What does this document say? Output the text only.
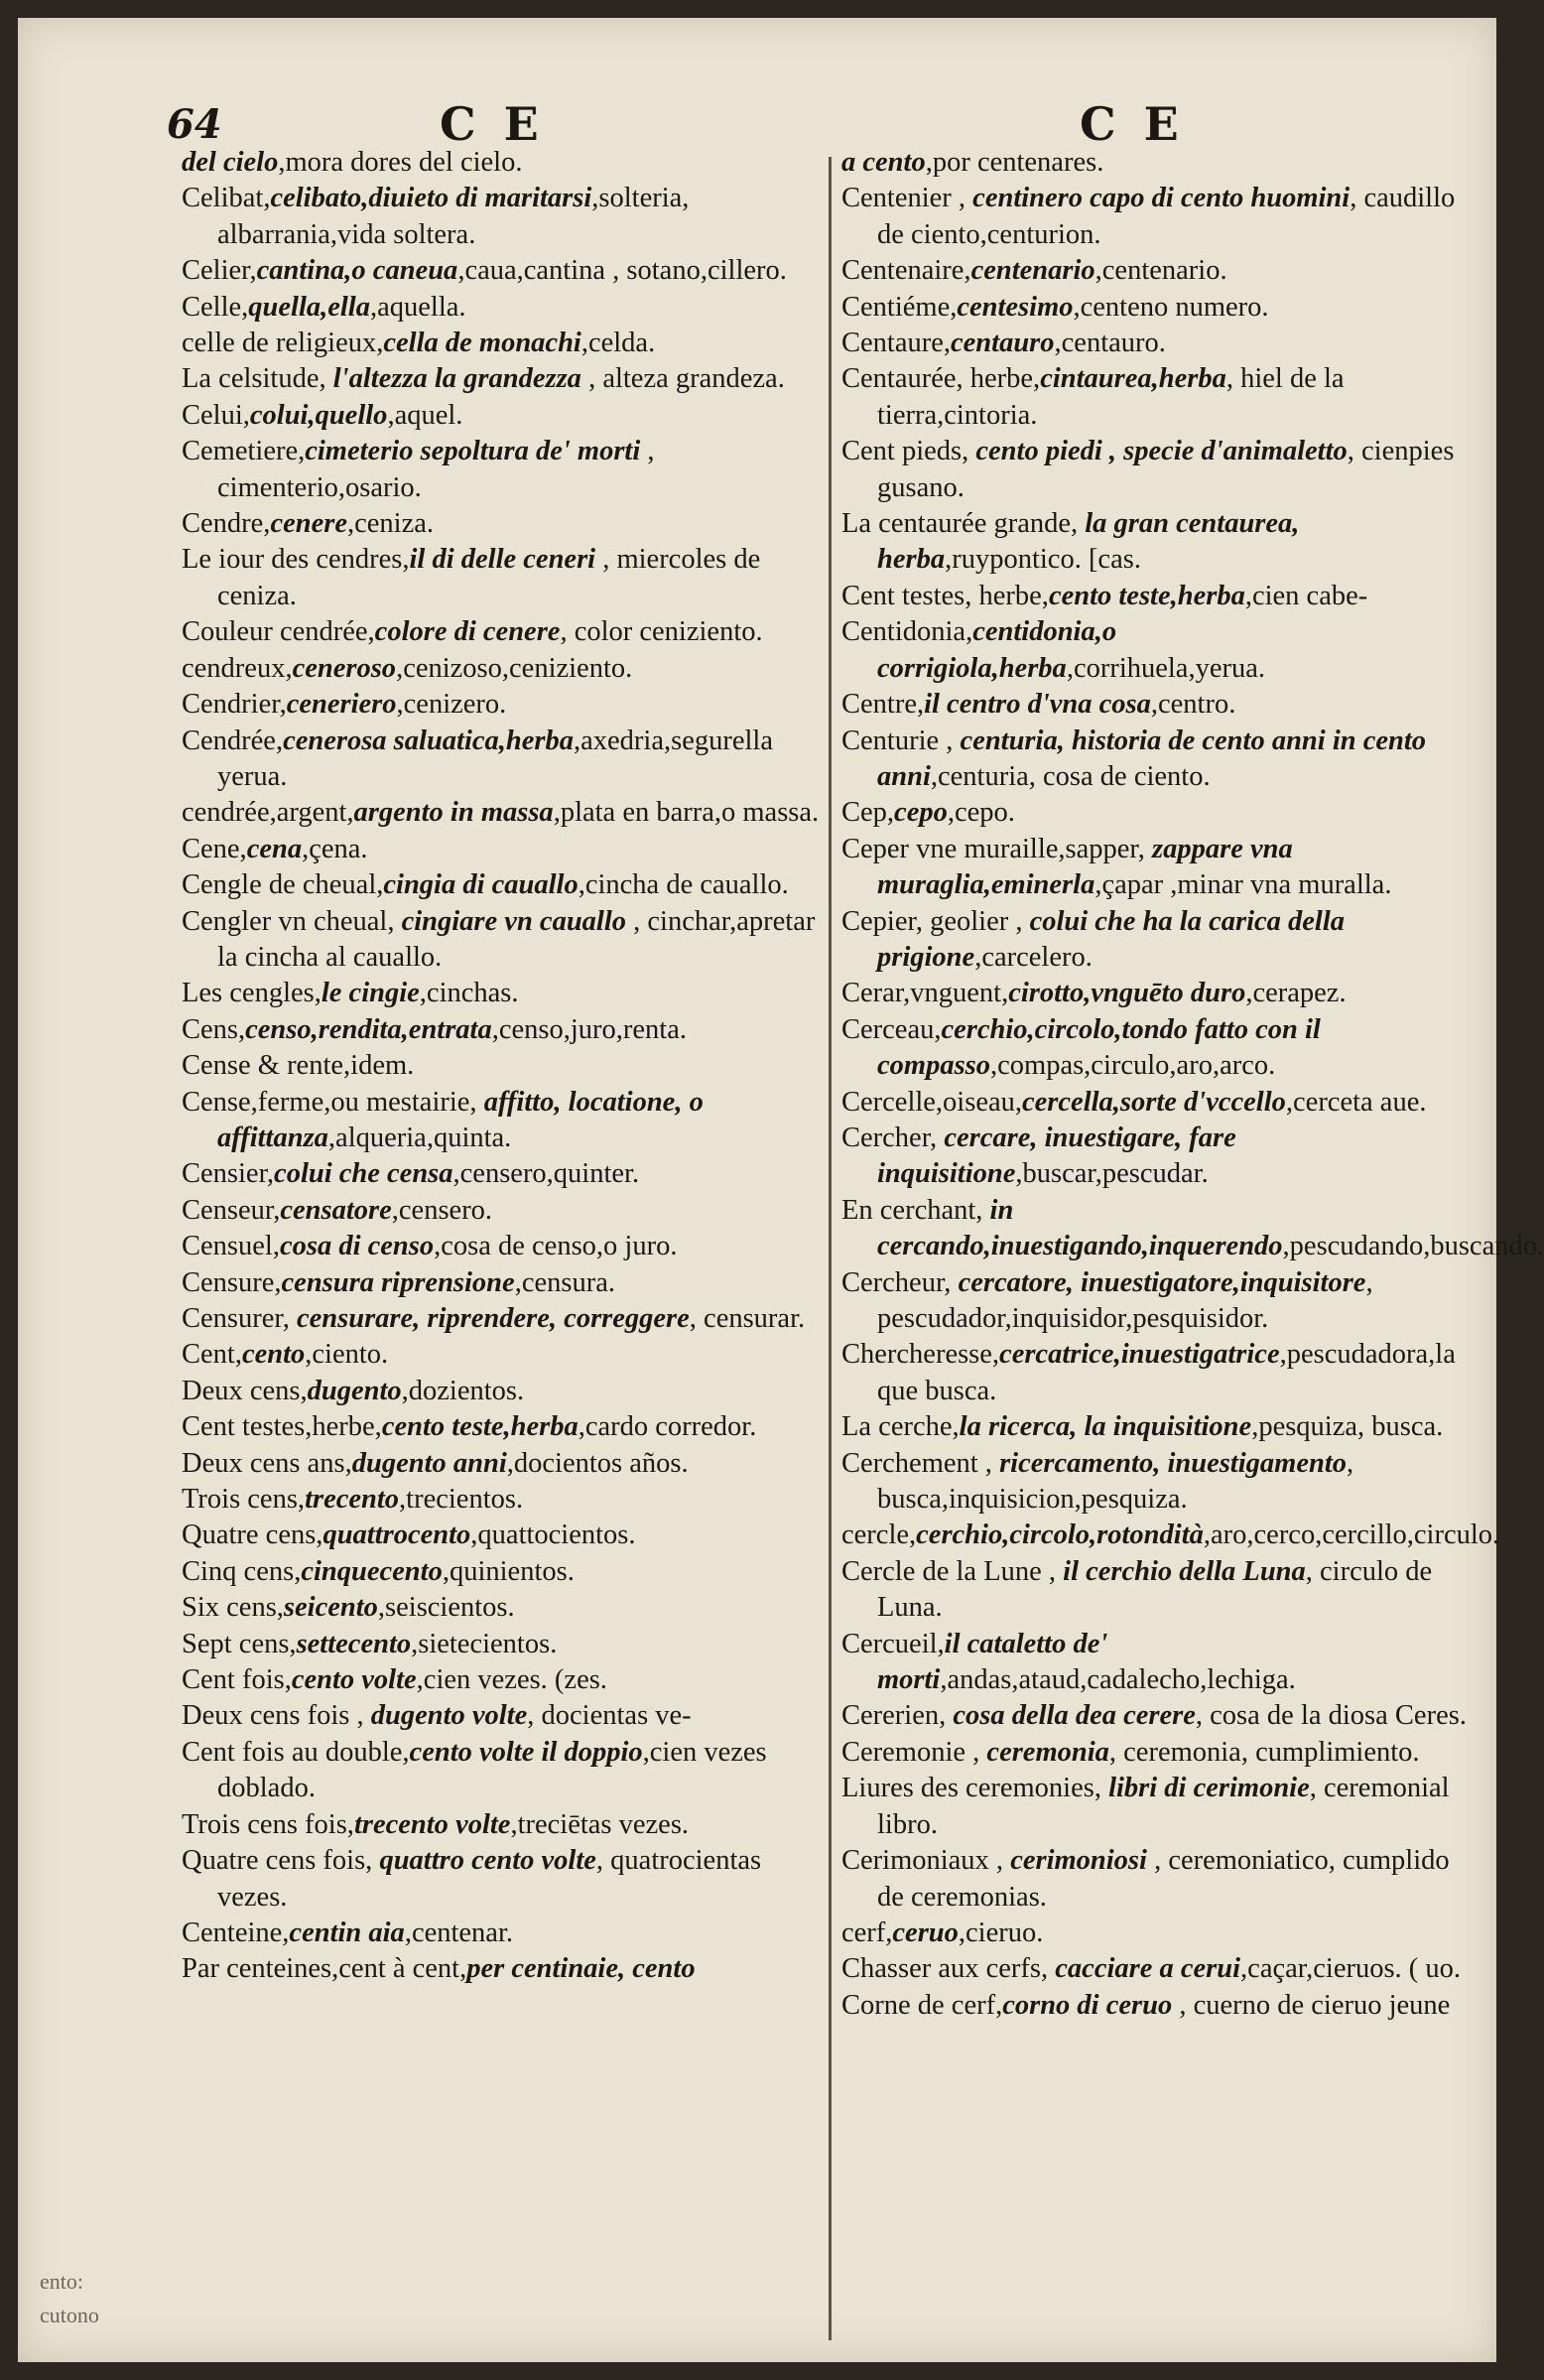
64	CE	CE

del cielo,mora dores del cielo.

Celibat,celibato,diuieto di maritarsi,solteria, albarrania,vida soltera.

Celier,cantina,o caneua,caua,cantina , sotano,cillero.

Celle,quella,ella,aquella.

celle de religieux,cella de monachi,celda.

La celsitude, l'altezza la grandezza , alteza grandeza.

Celui,colui,quello,aquel.

Cemetiere,cimeterio sepoltura de' morti , cimenterio,osario.

Cendre,cenere,ceniza.

Le iour des cendres,il di delle ceneri , miercoles de ceniza.

Couleur cendrée,colore di cenere, color ceniziento.

cendreux,ceneroso,cenizoso,ceniziento.

Cendrier,ceneriero,cenizero.

Cendrée,cenerosa saluatica,herba,axedria,segurella yerua.

cendrée,argent,argento in massa,plata en barra,o massa.

Cene,cena,çena.

Cengle de cheual,cingia di cauallo,cincha de cauallo.

Cengler vn cheual, cingiare vn cauallo , cinchar,apretar la cincha al cauallo.

Les cengles,le cingie,cinchas.

Cens,censo,rendita,entrata,censo,juro,renta.

Cense & rente,idem.

Cense,ferme,ou mestairie, affitto, locatione, o affittanza,alqueria,quinta.

Censier,colui che censa,censero,quinter.

Censeur,censatore,censero.

Censuel,cosa di censo,cosa de censo,o juro.

Censure,censura riprensione,censura.

Censurer, censurare, riprendere, correggere, censurar.

Cent,cento,ciento.

Deux cens,dugento,dozientos.

Cent testes,herbe,cento teste,herba,cardo corredor.

Deux cens ans,dugento anni,docientos años.

Trois cens,trecento,trecientos.

Quatre cens,quattrocento,quattocientos.

Cinq cens,cinquecento,quinientos.

Six cens,seicento,seiscientos.

Sept cens,settecento,sietecientos.

Cent fois,cento volte,cien vezes. (zes.

Deux cens fois , dugento volte, docientas ve-

Cent fois au double,cento volte il doppio,cien vezes doblado.

Trois cens fois,trecento volte,treciētas vezes.

Quatre cens fois, quattro cento volte, quatrocientas vezes.

Centeine,centin aia,centenar.

Par centeines,cent à cent,per centinaie, cento

a cento,por centenares.

Centenier , centinero capo di cento huomini, caudillo de ciento,centurion.

Centenaire,centenario,centenario.

Centiéme,centesimo,centeno numero.

Centaure,centauro,centauro.

Centaurée, herbe,cintaurea,herba, hiel de la tierra,cintoria.

Cent pieds, cento piedi , specie d'animaletto, cienpies gusano.

La centaurée grande, la gran centaurea, herba,ruypontico. [cas.

Cent testes, herbe,cento teste,herba,cien cabe-

Centidonia,centidonia,o corrigiola,herba,corrihuela,yerua.

Centre,il centro d'vna cosa,centro.

Centurie , centuria, historia de cento anni in cento anni,centuria, cosa de ciento.

Cep,cepo,cepo.

Ceper vne muraille,sapper, zappare vna muraglia,eminerla,çapar ,minar vna muralla.

Cepier, geolier , colui che ha la carica della prigione,carcelero.

Cerar,vnguent,cirotto,vnguēto duro,cerapez.

Cerceau,cerchio,circolo,tondo fatto con il compasso,compas,circulo,aro,arco.

Cercelle,oiseau,cercella,sorte d'vccello,cerceta aue.

Cercher, cercare, inuestigare, fare inquisitione,buscar,pescudar.

En cerchant, in cercando,inuestigando,inquerendo,pescudando,buscando.

Cercheur, cercatore, inuestigatore,inquisitore, pescudador,inquisidor,pesquisidor.

Chercheresse,cercatrice,inuestigatrice,pescudadora,la que busca.

La cerche,la ricerca, la inquisitione,pesquiza, busca.

Cerchement , ricercamento, inuestigamento, busca,inquisicion,pesquiza.

cercle,cerchio,circolo,rotondità,aro,cerco,cercillo,circulo.

Cercle de la Lune , il cerchio della Luna, circulo de Luna.

Cercueil,il cataletto de' morti,andas,ataud,cadalecho,lechiga.

Cererien, cosa della dea cerere, cosa de la diosa Ceres.

Ceremonie , ceremonia, ceremonia, cumplimiento.

Liures des ceremonies, libri di cerimonie, ceremonial libro.

Cerimoniaux , cerimoniosi , ceremoniatico, cumplido de ceremonias.

cerf,ceruo,cieruo.

Chasser aux cerfs, cacciare a cerui,caçar,cieruos. ( uo.

Corne de cerf,corno di ceruo , cuerno de cieruo jeune

ento:
cutono
